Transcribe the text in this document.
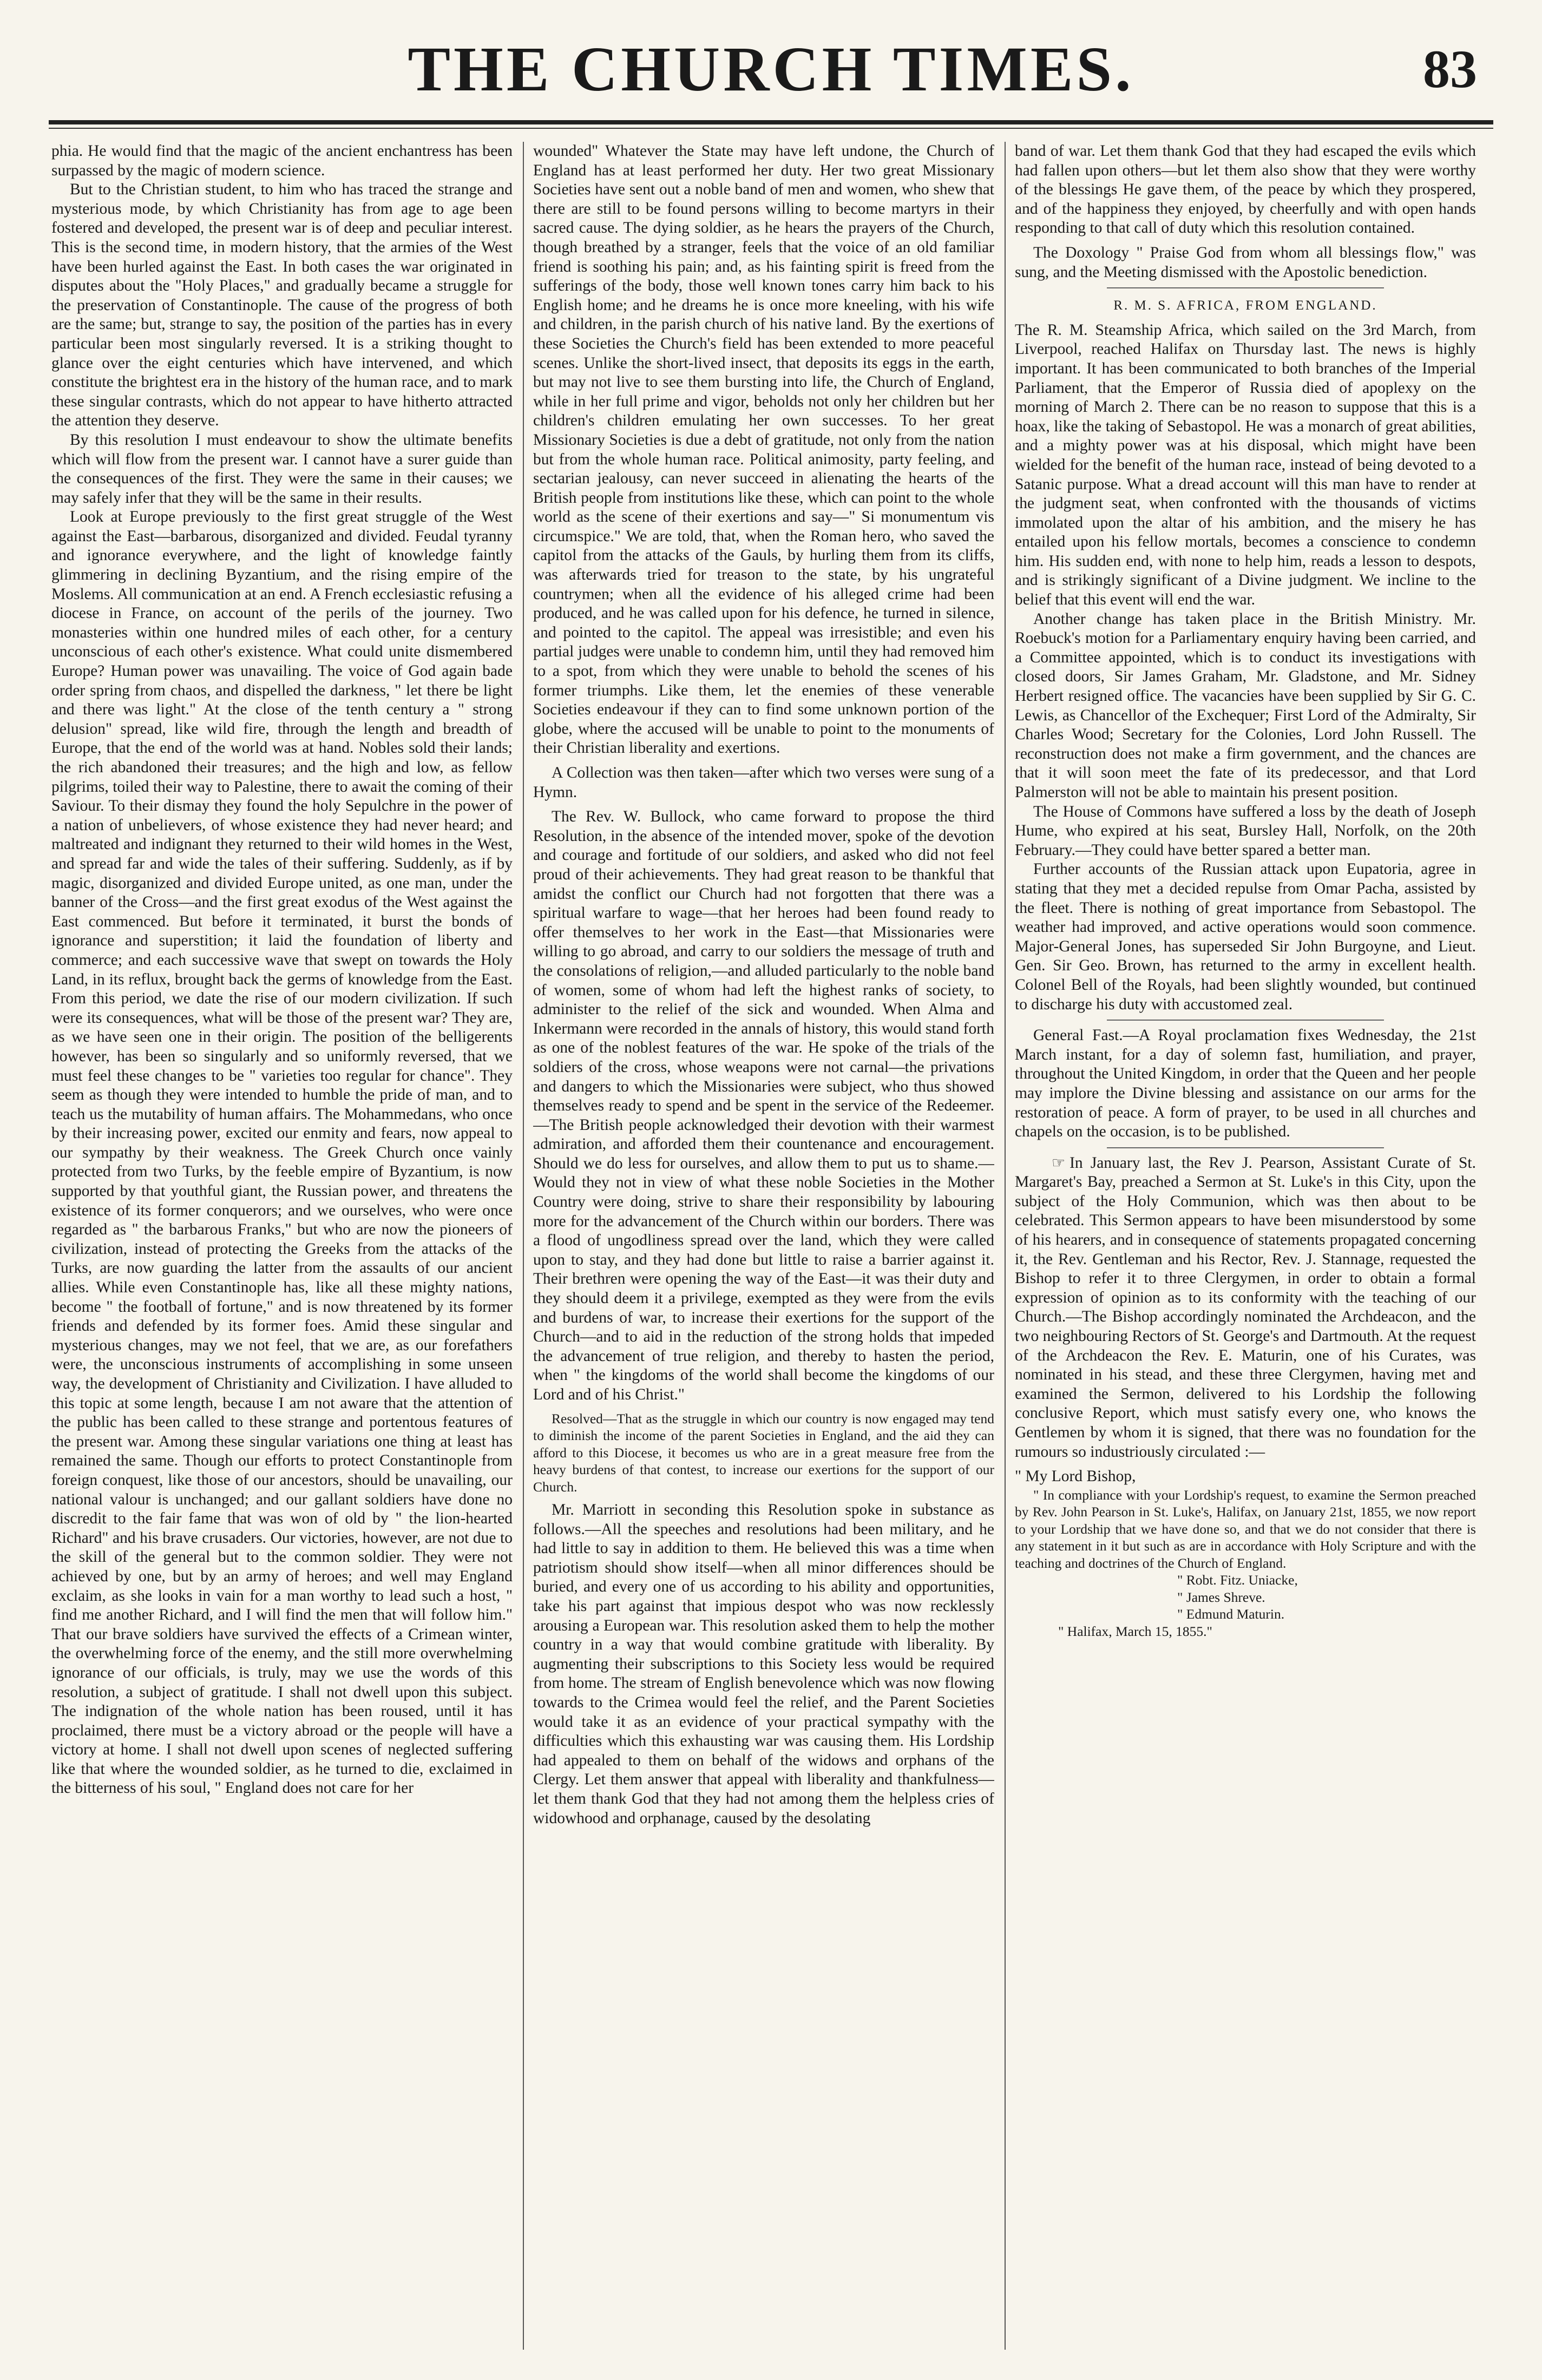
THE CHURCH TIMES.	83

phia. He would find that the magic of the ancient enchantress has been surpassed by the magic of modern science.

But to the Christian student, to him who has traced the strange and mysterious mode, by which Christianity has from age to age been fostered and developed, the present war is of deep and peculiar interest. This is the second time, in modern history, that the armies of the West have been hurled against the East. In both cases the war originated in disputes about the "Holy Places," and gradually became a struggle for the preservation of Constantinople. The cause of the progress of both are the same; but, strange to say, the position of the parties has in every particular been most singularly reversed. It is a striking thought to glance over the eight centuries which have intervened, and which constitute the brightest era in the history of the human race, and to mark these singular contrasts, which do not appear to have hitherto attracted the attention they deserve.

By this resolution I must endeavour to show the ultimate benefits which will flow from the present war. I cannot have a surer guide than the consequences of the first. They were the same in their causes; we may safely infer that they will be the same in their results.

Look at Europe previously to the first great struggle of the West against the East—barbarous, disorganized and divided. Feudal tyranny and ignorance everywhere, and the light of knowledge faintly glimmering in declining Byzantium, and the rising empire of the Moslems. All communication at an end. A French ecclesiastic refusing a diocese in France, on account of the perils of the journey. Two monasteries within one hundred miles of each other, for a century unconscious of each other's existence. What could unite dismembered Europe? Human power was unavailing. The voice of God again bade order spring from chaos, and dispelled the darkness, " let there be light and there was light." At the close of the tenth century a " strong delusion" spread, like wild fire, through the length and breadth of Europe, that the end of the world was at hand. Nobles sold their lands; the rich abandoned their treasures; and the high and low, as fellow pilgrims, toiled their way to Palestine, there to await the coming of their Saviour. To their dismay they found the holy Sepulchre in the power of a nation of unbelievers, of whose existence they had never heard; and maltreated and indignant they returned to their wild homes in the West, and spread far and wide the tales of their suffering. Suddenly, as if by magic, disorganized and divided Europe united, as one man, under the banner of the Cross—and the first great exodus of the West against the East commenced. But before it terminated, it burst the bonds of ignorance and superstition; it laid the foundation of liberty and commerce; and each successive wave that swept on towards the Holy Land, in its reflux, brought back the germs of knowledge from the East. From this period, we date the rise of our modern civilization. If such were its consequences, what will be those of the present war? They are, as we have seen one in their origin. The position of the belligerents however, has been so singularly and so uniformly reversed, that we must feel these changes to be " varieties too regular for chance". They seem as though they were intended to humble the pride of man, and to teach us the mutability of human affairs. The Mohammedans, who once by their increasing power, excited our enmity and fears, now appeal to our sympathy by their weakness. The Greek Church once vainly protected from two Turks, by the feeble empire of Byzantium, is now supported by that youthful giant, the Russian power, and threatens the existence of its former conquerors; and we ourselves, who were once regarded as " the barbarous Franks," but who are now the pioneers of civilization, instead of protecting the Greeks from the attacks of the Turks, are now guarding the latter from the assaults of our ancient allies. While even Constantinople has, like all these mighty nations, become " the football of fortune," and is now threatened by its former friends and defended by its former foes. Amid these singular and mysterious changes, may we not feel, that we are, as our forefathers were, the unconscious instruments of accomplishing in some unseen way, the development of Christianity and Civilization. I have alluded to this topic at some length, because I am not aware that the attention of the public has been called to these strange and portentous features of the present war. Among these singular variations one thing at least has remained the same. Though our efforts to protect Constantinople from foreign conquest, like those of our ancestors, should be unavailing, our national valour is unchanged; and our gallant soldiers have done no discredit to the fair fame that was won of old by " the lion-hearted Richard" and his brave crusaders. Our victories, however, are not due to the skill of the general but to the common soldier. They were not achieved by one, but by an army of heroes; and well may England exclaim, as she looks in vain for a man worthy to lead such a host, " find me another Richard, and I will find the men that will follow him." That our brave soldiers have survived the effects of a Crimean winter, the overwhelming force of the enemy, and the still more overwhelming ignorance of our officials, is truly, may we use the words of this resolution, a subject of gratitude. I shall not dwell upon this subject. The indignation of the whole nation has been roused, until it has proclaimed, there must be a victory abroad or the people will have a victory at home. I shall not dwell upon scenes of neglected suffering like that where the wounded soldier, as he turned to die, exclaimed in the bitterness of his soul, " England does not care for her

wounded" Whatever the State may have left undone, the Church of England has at least performed her duty. Her two great Missionary Societies have sent out a noble band of men and women, who shew that there are still to be found persons willing to become martyrs in their sacred cause. The dying soldier, as he hears the prayers of the Church, though breathed by a stranger, feels that the voice of an old familiar friend is soothing his pain; and, as his fainting spirit is freed from the sufferings of the body, those well known tones carry him back to his English home; and he dreams he is once more kneeling, with his wife and children, in the parish church of his native land. By the exertions of these Societies the Church's field has been extended to more peaceful scenes. Unlike the short-lived insect, that deposits its eggs in the earth, but may not live to see them bursting into life, the Church of England, while in her full prime and vigor, beholds not only her children but her children's children emulating her own successes. To her great Missionary Societies is due a debt of gratitude, not only from the nation but from the whole human race. Political animosity, party feeling, and sectarian jealousy, can never succeed in alienating the hearts of the British people from institutions like these, which can point to the whole world as the scene of their exertions and say—" Si monumentum vis circumspice." We are told, that, when the Roman hero, who saved the capitol from the attacks of the Gauls, by hurling them from its cliffs, was afterwards tried for treason to the state, by his ungrateful countrymen; when all the evidence of his alleged crime had been produced, and he was called upon for his defence, he turned in silence, and pointed to the capitol. The appeal was irresistible; and even his partial judges were unable to condemn him, until they had removed him to a spot, from which they were unable to behold the scenes of his former triumphs. Like them, let the enemies of these venerable Societies endeavour if they can to find some unknown portion of the globe, where the accused will be unable to point to the monuments of their Christian liberality and exertions.

A Collection was then taken—after which two verses were sung of a Hymn.

The Rev. W. Bullock, who came forward to propose the third Resolution, in the absence of the intended mover, spoke of the devotion and courage and fortitude of our soldiers, and asked who did not feel proud of their achievements. They had great reason to be thankful that amidst the conflict our Church had not forgotten that there was a spiritual warfare to wage—that her heroes had been found ready to offer themselves to her work in the East—that Missionaries were willing to go abroad, and carry to our soldiers the message of truth and the consolations of religion,—and alluded particularly to the noble band of women, some of whom had left the highest ranks of society, to administer to the relief of the sick and wounded. When Alma and Inkermann were recorded in the annals of history, this would stand forth as one of the noblest features of the war. He spoke of the trials of the soldiers of the cross, whose weapons were not carnal—the privations and dangers to which the Missionaries were subject, who thus showed themselves ready to spend and be spent in the service of the Redeemer.—The British people acknowledged their devotion with their warmest admiration, and afforded them their countenance and encouragement. Should we do less for ourselves, and allow them to put us to shame.—Would they not in view of what these noble Societies in the Mother Country were doing, strive to share their responsibility by labouring more for the advancement of the Church within our borders. There was a flood of ungodliness spread over the land, which they were called upon to stay, and they had done but little to raise a barrier against it. Their brethren were opening the way of the East—it was their duty and they should deem it a privilege, exempted as they were from the evils and burdens of war, to increase their exertions for the support of the Church—and to aid in the reduction of the strong holds that impeded the advancement of true religion, and thereby to hasten the period, when " the kingdoms of the world shall become the kingdoms of our Lord and of his Christ."

Resolved—That as the struggle in which our country is now engaged may tend to diminish the income of the parent Societies in England, and the aid they can afford to this Diocese, it becomes us who are in a great measure free from the heavy burdens of that contest, to increase our exertions for the support of our Church.

Mr. Marriott in seconding this Resolution spoke in substance as follows.—All the speeches and resolutions had been military, and he had little to say in addition to them. He believed this was a time when patriotism should show itself—when all minor differences should be buried, and every one of us according to his ability and opportunities, take his part against that impious despot who was now recklessly arousing a European war. This resolution asked them to help the mother country in a way that would combine gratitude with liberality. By augmenting their subscriptions to this Society less would be required from home. The stream of English benevolence which was now flowing towards to the Crimea would feel the relief, and the Parent Societies would take it as an evidence of your practical sympathy with the difficulties which this exhausting war was causing them. His Lordship had appealed to them on behalf of the widows and orphans of the Clergy. Let them answer that appeal with liberality and thankfulness—let them thank God that they had not among them the helpless cries of widowhood and orphanage, caused by the desolating

band of war. Let them thank God that they had escaped the evils which had fallen upon others—but let them also show that they were worthy of the blessings He gave them, of the peace by which they prospered, and of the happiness they enjoyed, by cheerfully and with open hands responding to that call of duty which this resolution contained.

The Doxology " Praise God from whom all blessings flow," was sung, and the Meeting dismissed with the Apostolic benediction.

R. M. S. AFRICA, FROM ENGLAND.

The R. M. Steamship Africa, which sailed on the 3rd March, from Liverpool, reached Halifax on Thursday last. The news is highly important. It has been communicated to both branches of the Imperial Parliament, that the Emperor of Russia died of apoplexy on the morning of March 2. There can be no reason to suppose that this is a hoax, like the taking of Sebastopol. He was a monarch of great abilities, and a mighty power was at his disposal, which might have been wielded for the benefit of the human race, instead of being devoted to a Satanic purpose. What a dread account will this man have to render at the judgment seat, when confronted with the thousands of victims immolated upon the altar of his ambition, and the misery he has entailed upon his fellow mortals, becomes a conscience to condemn him. His sudden end, with none to help him, reads a lesson to despots, and is strikingly significant of a Divine judgment. We incline to the belief that this event will end the war.

Another change has taken place in the British Ministry. Mr. Roebuck's motion for a Parliamentary enquiry having been carried, and a Committee appointed, which is to conduct its investigations with closed doors, Sir James Graham, Mr. Gladstone, and Mr. Sidney Herbert resigned office. The vacancies have been supplied by Sir G. C. Lewis, as Chancellor of the Exchequer; First Lord of the Admiralty, Sir Charles Wood; Secretary for the Colonies, Lord John Russell. The reconstruction does not make a firm government, and the chances are that it will soon meet the fate of its predecessor, and that Lord Palmerston will not be able to maintain his present position.

The House of Commons have suffered a loss by the death of Joseph Hume, who expired at his seat, Bursley Hall, Norfolk, on the 20th February.—They could have better spared a better man.

Further accounts of the Russian attack upon Eupatoria, agree in stating that they met a decided repulse from Omar Pacha, assisted by the fleet. There is nothing of great importance from Sebastopol. The weather had improved, and active operations would soon commence. Major-General Jones, has superseded Sir John Burgoyne, and Lieut. Gen. Sir Geo. Brown, has returned to the army in excellent health. Colonel Bell of the Royals, had been slightly wounded, but continued to discharge his duty with accustomed zeal.

General Fast.—A Royal proclamation fixes Wednesday, the 21st March instant, for a day of solemn fast, humiliation, and prayer, throughout the United Kingdom, in order that the Queen and her people may implore the Divine blessing and assistance on our arms for the restoration of peace. A form of prayer, to be used in all churches and chapels on the occasion, is to be published.

☞ In January last, the Rev J. Pearson, Assistant Curate of St. Margaret's Bay, preached a Sermon at St. Luke's in this City, upon the subject of the Holy Communion, which was then about to be celebrated. This Sermon appears to have been misunderstood by some of his hearers, and in consequence of statements propagated concerning it, the Rev. Gentleman and his Rector, Rev. J. Stannage, requested the Bishop to refer it to three Clergymen, in order to obtain a formal expression of opinion as to its conformity with the teaching of our Church.—The Bishop accordingly nominated the Archdeacon, and the two neighbouring Rectors of St. George's and Dartmouth. At the request of the Archdeacon the Rev. E. Maturin, one of his Curates, was nominated in his stead, and these three Clergymen, having met and examined the Sermon, delivered to his Lordship the following conclusive Report, which must satisfy every one, who knows the Gentlemen by whom it is signed, that there was no foundation for the rumours so industriously circulated :—

" My Lord Bishop,

" In compliance with your Lordship's request, to examine the Sermon preached by Rev. John Pearson in St. Luke's, Halifax, on January 21st, 1855, we now report to your Lordship that we have done so, and that we do not consider that there is any statement in it but such as are in accordance with Holy Scripture and with the teaching and doctrines of the Church of England.

" Robt. Fitz. Uniacke,

" James Shreve.

" Edmund Maturin.

" Halifax, March 15, 1855."
